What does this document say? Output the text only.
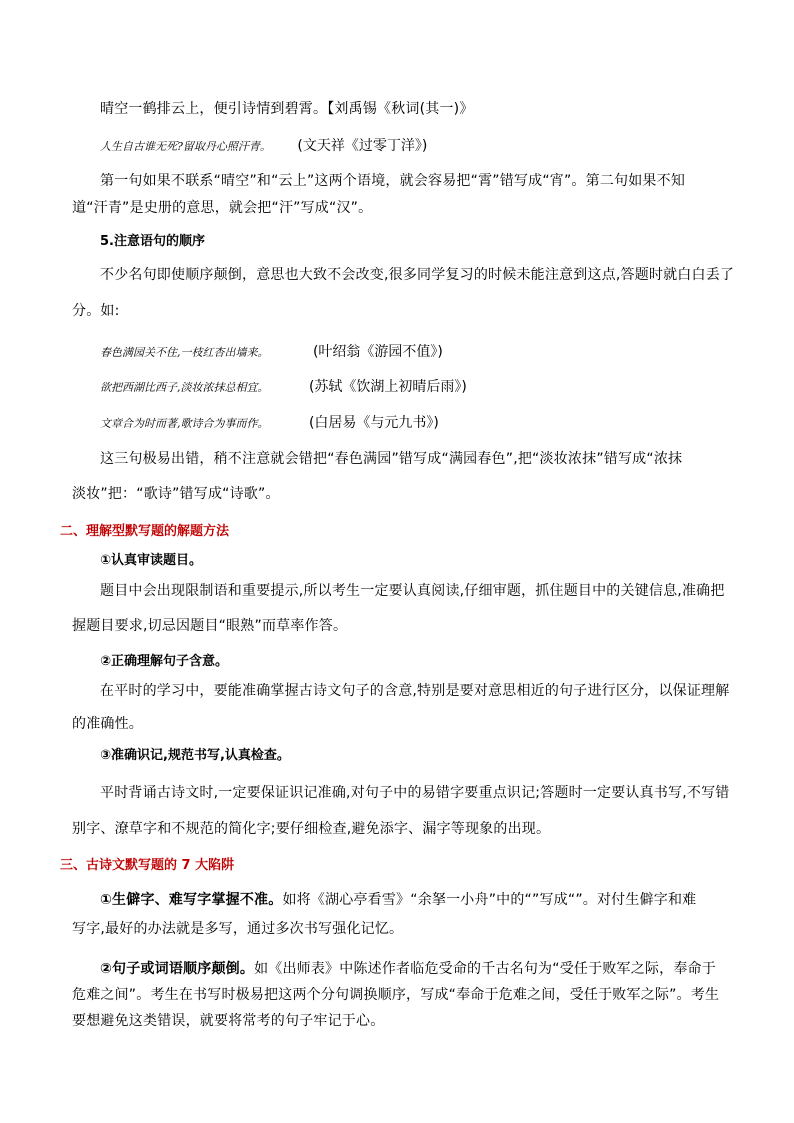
晴空一鹤排云上，便引诗情到碧霄。【刘禹锡《秋词(其一)》
人生自古谁无死?留取丹心照汗青。 (文天祥《过零丁洋》)
第一句如果不联系“晴空”和“云上”这两个语境，就会容易把“霄”错写成“宵”。第二句如果不知
道“汗青”是史册的意思，就会把“汗”写成“汉”。
5.注意语句的顺序
不少名句即使顺序颠倒，意思也大致不会改变,很多同学复习的时候未能注意到这点,答题时就白白丢了
分。如:
春色满园关不住,一枝红杏出墙来。	(叶绍翁《游园不值》)
欲把西湖比西子,淡妆浓抹总相宜。	(苏轼《饮湖上初晴后雨》)
文章合为时而著,歌诗合为事而作。	(白居易《与元九书》)
这三句极易出错，稍不注意就会错把“春色满园”错写成“满园春色”,把“淡妆浓抹”错写成“浓抹
淡妆”把：“歌诗”错写成“诗歌”。
二、理解型默写题的解题方法
①认真审读题目。
题目中会出现限制语和重要提示,所以考生一定要认真阅读,仔细审题，抓住题目中的关键信息,准确把
握题目要求,切忌因题目“眼熟”而草率作答。
②正确理解句子含意。
在平时的学习中，要能准确掌握古诗文句子的含意,特别是要对意思相近的句子进行区分，以保证理解
的准确性。
③准确识记,规范书写,认真检查。
平时背诵古诗文时,一定要保证识记准确,对句子中的易错字要重点识记;答题时一定要认真书写,不写错
别字、潦草字和不规范的简化字;要仔细检查,避免添字、漏字等现象的出现。
三、古诗文默写题的 7 大陷阱
①生僻字、难写字掌握不准。如将《湖心亭看雪》“余拏一小舟”中的“”写成“”。对付生僻字和难
写字,最好的办法就是多写，通过多次书写强化记忆。
②句子或词语顺序颠倒。如《出师表》中陈述作者临危受命的千古名句为“受任于败军之际，奉命于
危难之间”。考生在书写时极易把这两个分句调换顺序，写成“奉命于危难之间，受任于败军之际”。考生
要想避免这类错误，就要将常考的句子牢记于心。
